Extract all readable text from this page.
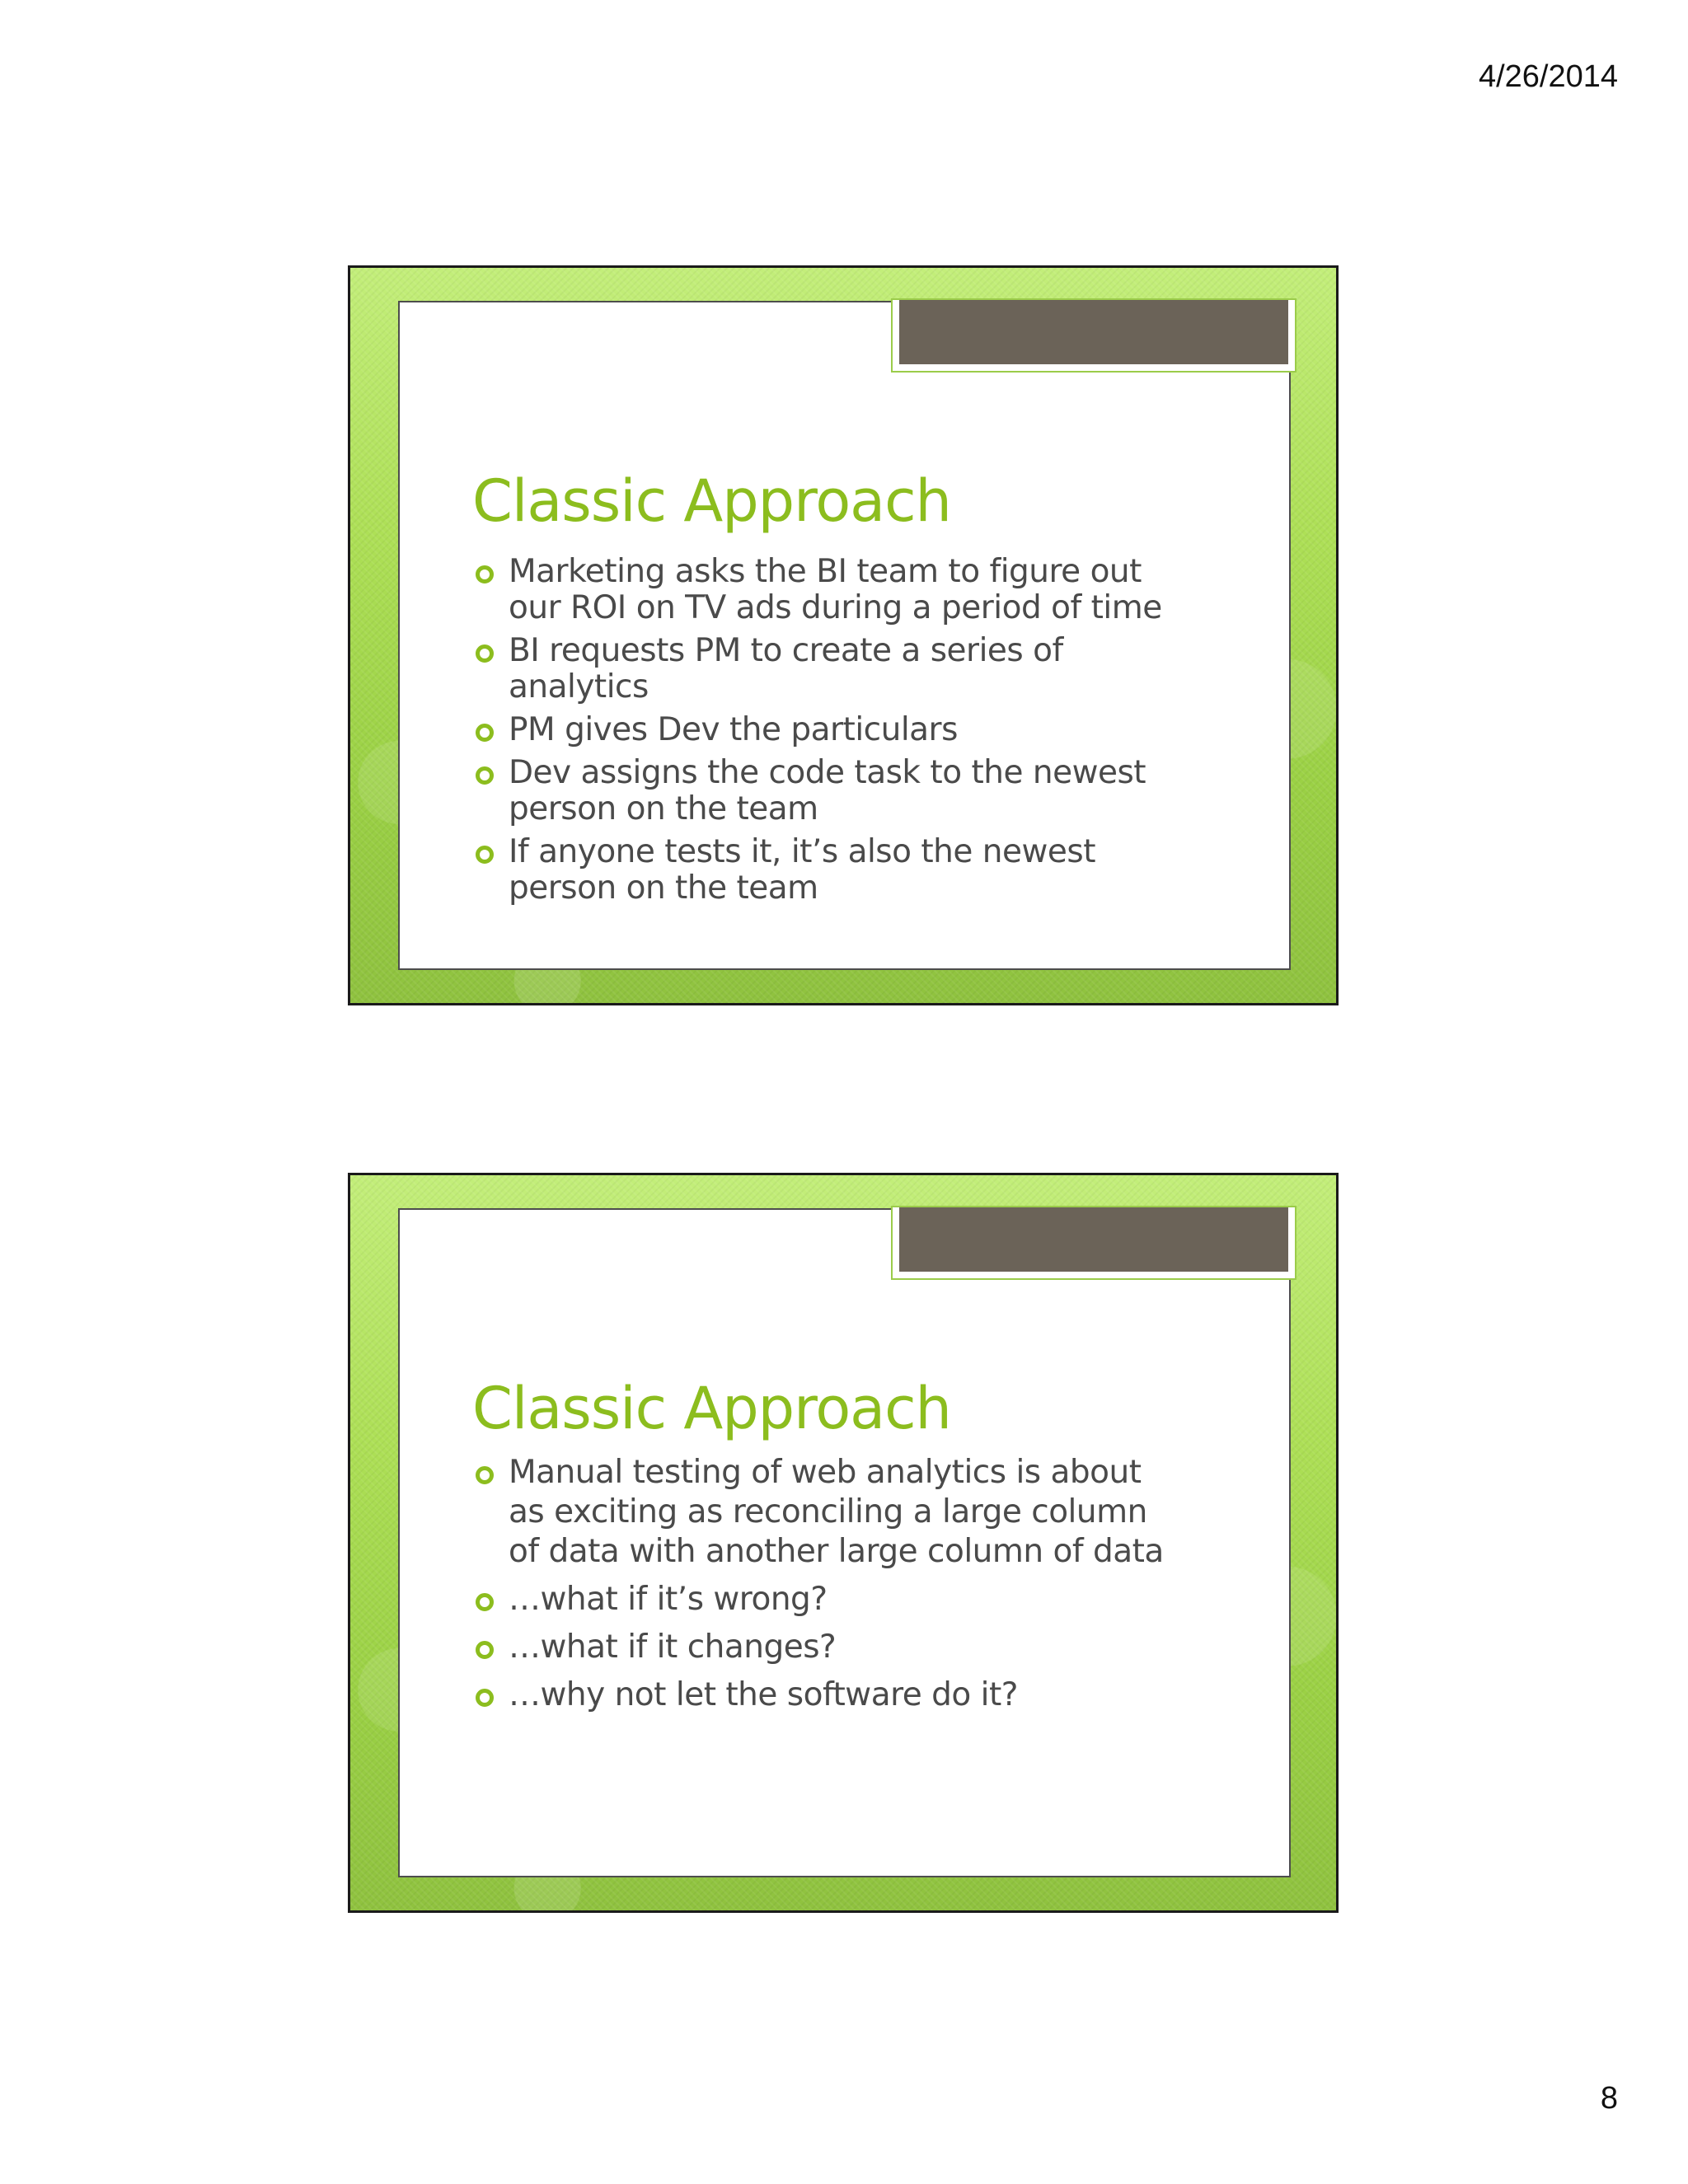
4/26/2014
Classic Approach
Marketing asks the BI team to figure out our ROI on TV ads during a period of time
BI requests PM to create a series of analytics
PM gives Dev the particulars
Dev assigns the code task to the newest person on the team
If anyone tests it, it’s also the newest person on the team
Classic Approach
Manual testing of web analytics is about as exciting as reconciling a large column of data with another large column of data
…what if it’s wrong?
…what if it changes?
…why not let the software do it?
8
